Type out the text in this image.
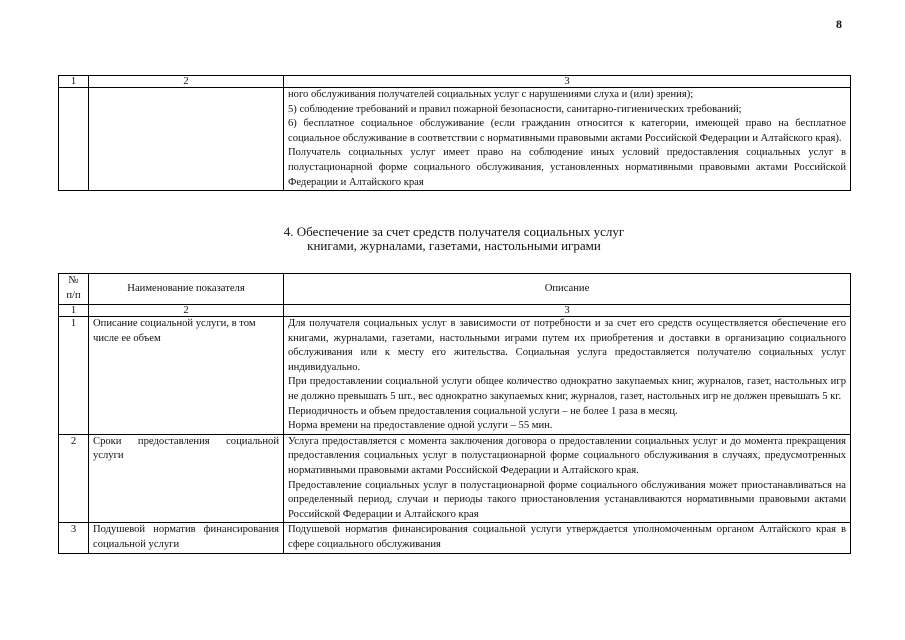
8
1	2	3

		ного обслуживания получателей социальных услуг с нарушениями слуха и (или) зрения);
5) соблюдение требований и правил пожарной безопасности, санитарно-гигиенических требований;
6) бесплатное социальное обслуживание (если гражданин относится к категории, имеющей право на бесплатное социальное обслуживание в соответствии с нормативными правовыми актами Российской Федерации и Алтайского края).
Получатель социальных услуг имеет право на соблюдение иных условий предоставления социальных услуг в полустационарной форме социального обслуживания, установленных нормативными правовыми актами Российской Федерации и Алтайского края
4. Обеспечение за счет средств получателя социальных услуг
книгами, журналами, газетами, настольными играми
№ п/п	Наименование показателя	Описание
1	2	3
1	Описание социальной услуги, в том числе ее объем	Для получателя социальных услуг в зависимости от потребности и за счет его средств осуществляется обеспечение его книгами, журналами, газетами, настольными играми путем их приобретения и доставки в организацию социального обслуживания или к месту его жительства. Социальная услуга предоставляется получателю социальных услуг индивидуально.
При предоставлении социальной услуги общее количество однократно закупаемых книг, журналов, газет, настольных игр не должно превышать 5 шт., вес однократно закупаемых книг, журналов, газет, настольных игр не должен превышать 5 кг.
Периодичность и объем предоставления социальной услуги – не более 1 раза в месяц.
Норма времени на предоставление одной услуги – 55 мин.

2	Сроки предоставления социальной услуги	Услуга предоставляется с момента заключения договора о предоставлении социальных услуг и до момента прекращения предоставления социальных услуг в полустационарной форме социального обслуживания в случаях, предусмотренных нормативными правовыми актами Российской Федерации и Алтайского края.
Предоставление социальных услуг в полустационарной форме социального обслуживания может приостанавливаться на определенный период, случаи и периоды такого приостановления устанавливаются нормативными правовыми актами Российской Федерации и Алтайского края

3	Подушевой норматив финансирования социальной услуги	Подушевой норматив финансирования социальной услуги утверждается уполномоченным органом Алтайского края в сфере социального обслуживания
